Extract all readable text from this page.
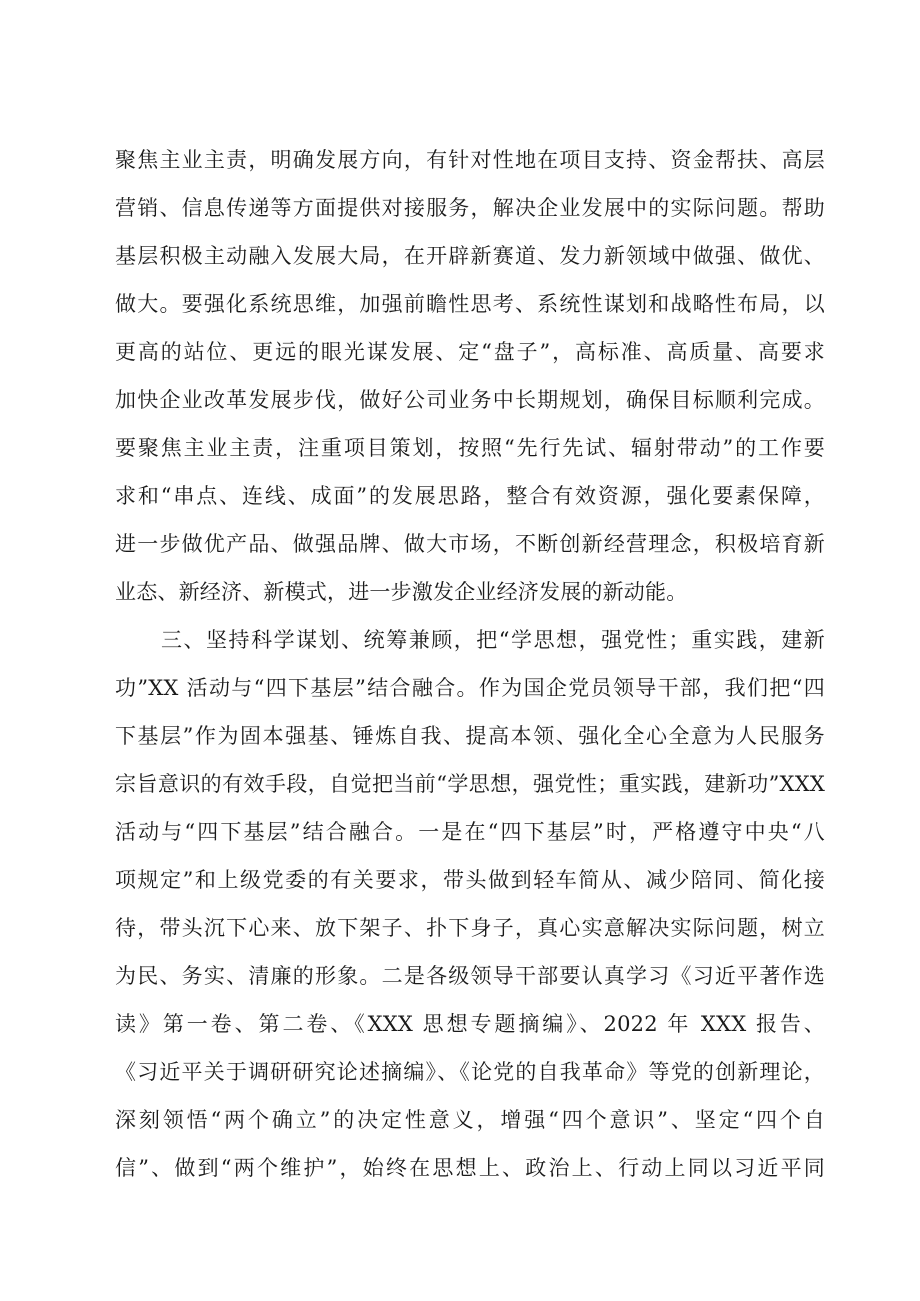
聚焦主业主责，明确发展方向，有针对性地在项目支持、资金帮扶、高层
营销、信息传递等方面提供对接服务，解决企业发展中的实际问题。帮助
基层积极主动融入发展大局，在开辟新赛道、发力新领域中做强、做优、
做大。要强化系统思维，加强前瞻性思考、系统性谋划和战略性布局，以
更高的站位、更远的眼光谋发展、定“盘子”，高标准、高质量、高要求
加快企业改革发展步伐，做好公司业务中长期规划，确保目标顺利完成。
要聚焦主业主责，注重项目策划，按照“先行先试、辐射带动”的工作要
求和“串点、连线、成面”的发展思路，整合有效资源，强化要素保障，
进一步做优产品、做强品牌、做大市场，不断创新经营理念，积极培育新
业态、新经济、新模式，进一步激发企业经济发展的新动能。
三、坚持科学谋划、统筹兼顾，把“学思想，强党性；重实践，建新
功”XX 活动与“四下基层”结合融合。作为国企党员领导干部，我们把“四
下基层”作为固本强基、锤炼自我、提高本领、强化全心全意为人民服务
宗旨意识的有效手段，自觉把当前“学思想，强党性；重实践，建新功”XXX
活动与“四下基层”结合融合。一是在“四下基层”时，严格遵守中央“八
项规定”和上级党委的有关要求，带头做到轻车简从、减少陪同、简化接
待，带头沉下心来、放下架子、扑下身子，真心实意解决实际问题，树立
为民、务实、清廉的形象。二是各级领导干部要认真学习《习近平著作选
读》第一卷、第二卷、《XXX 思想专题摘编》、2022 年 XXX 报告、
《习近平关于调研研究论述摘编》、《论党的自我革命》等党的创新理论，
深刻领悟“两个确立”的决定性意义，增强“四个意识”、坚定“四个自
信”、做到“两个维护”，始终在思想上、政治上、行动上同以习近平同
